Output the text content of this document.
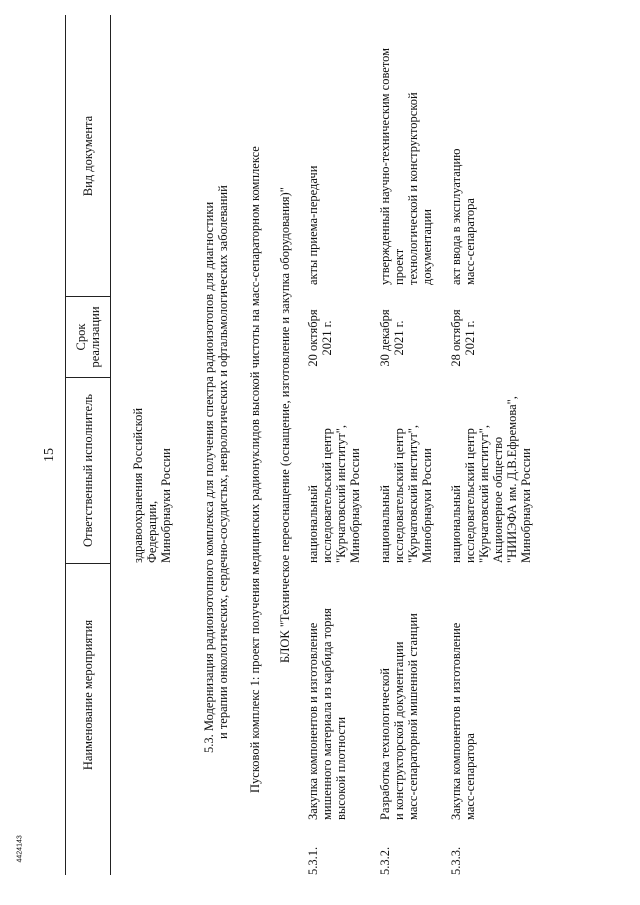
15
4424143
Наименование мероприятия
Ответственный исполнитель
Срок
реализации
Вид документа
здравоохранения Российской
Федерации,
Минобрнауки России 5.3. Модернизация радиоизотопного комплекса для получения спектра радиоизотопов для диагностики и терапии онкологических, сердечно-сосудистых, неврологических и офтальмологических заболеваний Пусковой комплекс 1: проект получения медицинских радионуклидов высокой чистоты на масс-сепараторном комплексе БЛОК "Техническое переоснащение (оснащение, изготовление и закупка оборудования)"
5.3.1.
Закупка компонентов и изготовление
мишенного материала из карбида тория
высокой плотности
национальный
исследовательский центр
"Курчатовский институт",
Минобрнауки России
20 октября
2021 г.
акты приема-передачи
5.3.2.
Разработка технологической
и конструкторской документации
масс-сепараторной мишенной станции
национальный
исследовательский центр
"Курчатовский институт",
Минобрнауки России
30 декабря
2021 г.
утвержденный научно-техническим советом проект
технологической и конструкторской документации
5.3.3.
Закупка компонентов и изготовление
масс-сепаратора
национальный
исследовательский центр
"Курчатовский институт",
Акционерное общество
"НИИЭФА им. Д.В.Ефремова",
Минобрнауки России
28 октября
2021 г.
акт ввода в эксплуатацию
масс-сепаратора
